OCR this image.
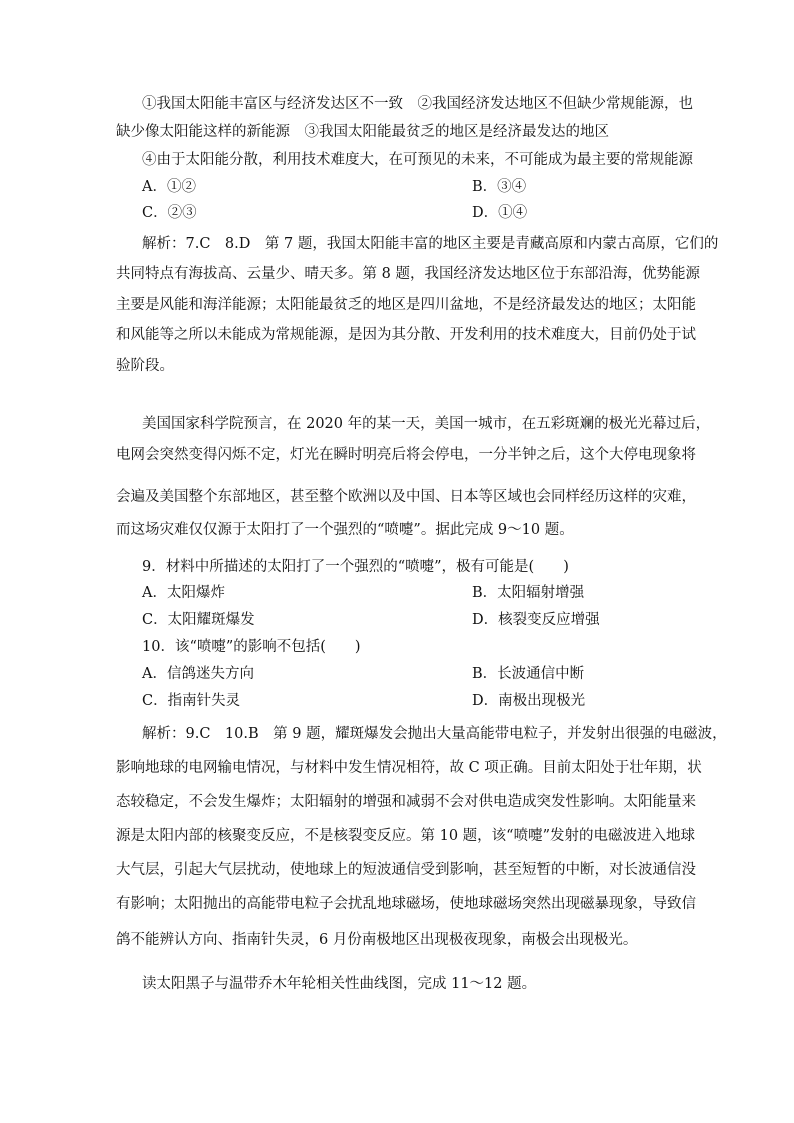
①我国太阳能丰富区与经济发达区不一致　②我国经济发达地区不但缺少常规能源，也
缺少像太阳能这样的新能源　③我国太阳能最贫乏的地区是经济最发达的地区
④由于太阳能分散，利用技术难度大，在可预见的未来，不可能成为最主要的常规能源
A．①②	B．③④
C．②③	D．①④
解析：7.C　8.D　第 7 题，我国太阳能丰富的地区主要是青藏高原和内蒙古高原，它们的
共同特点有海拔高、云量少、晴天多。第 8 题，我国经济发达地区位于东部沿海，优势能源
主要是风能和海洋能源；太阳能最贫乏的地区是四川盆地，不是经济最发达的地区；太阳能
和风能等之所以未能成为常规能源，是因为其分散、开发利用的技术难度大，目前仍处于试
验阶段。
美国国家科学院预言，在 2020 年的某一天，美国一城市，在五彩斑斓的极光光幕过后，
电网会突然变得闪烁不定，灯光在瞬时明亮后将会停电，一分半钟之后，这个大停电现象将
会遍及美国整个东部地区，甚至整个欧洲以及中国、日本等区域也会同样经历这样的灾难，
而这场灾难仅仅源于太阳打了一个强烈的“喷嚏”。据此完成 9～10 题。
9．材料中所描述的太阳打了一个强烈的“喷嚏”，极有可能是(　　)
A．太阳爆炸	B．太阳辐射增强
C．太阳耀斑爆发	D．核裂变反应增强
10．该“喷嚏”的影响不包括(　　)
A．信鸽迷失方向	B．长波通信中断
C．指南针失灵	D．南极出现极光
解析：9.C　10.B　第 9 题，耀斑爆发会抛出大量高能带电粒子，并发射出很强的电磁波，
影响地球的电网输电情况，与材料中发生情况相符，故 C 项正确。目前太阳处于壮年期，状
态较稳定，不会发生爆炸；太阳辐射的增强和减弱不会对供电造成突发性影响。太阳能量来
源是太阳内部的核聚变反应，不是核裂变反应。第 10 题，该“喷嚏”发射的电磁波进入地球
大气层，引起大气层扰动，使地球上的短波通信受到影响，甚至短暂的中断，对长波通信没
有影响；太阳抛出的高能带电粒子会扰乱地球磁场，使地球磁场突然出现磁暴现象，导致信
鸽不能辨认方向、指南针失灵，6 月份南极地区出现极夜现象，南极会出现极光。
读太阳黑子与温带乔木年轮相关性曲线图，完成 11～12 题。
